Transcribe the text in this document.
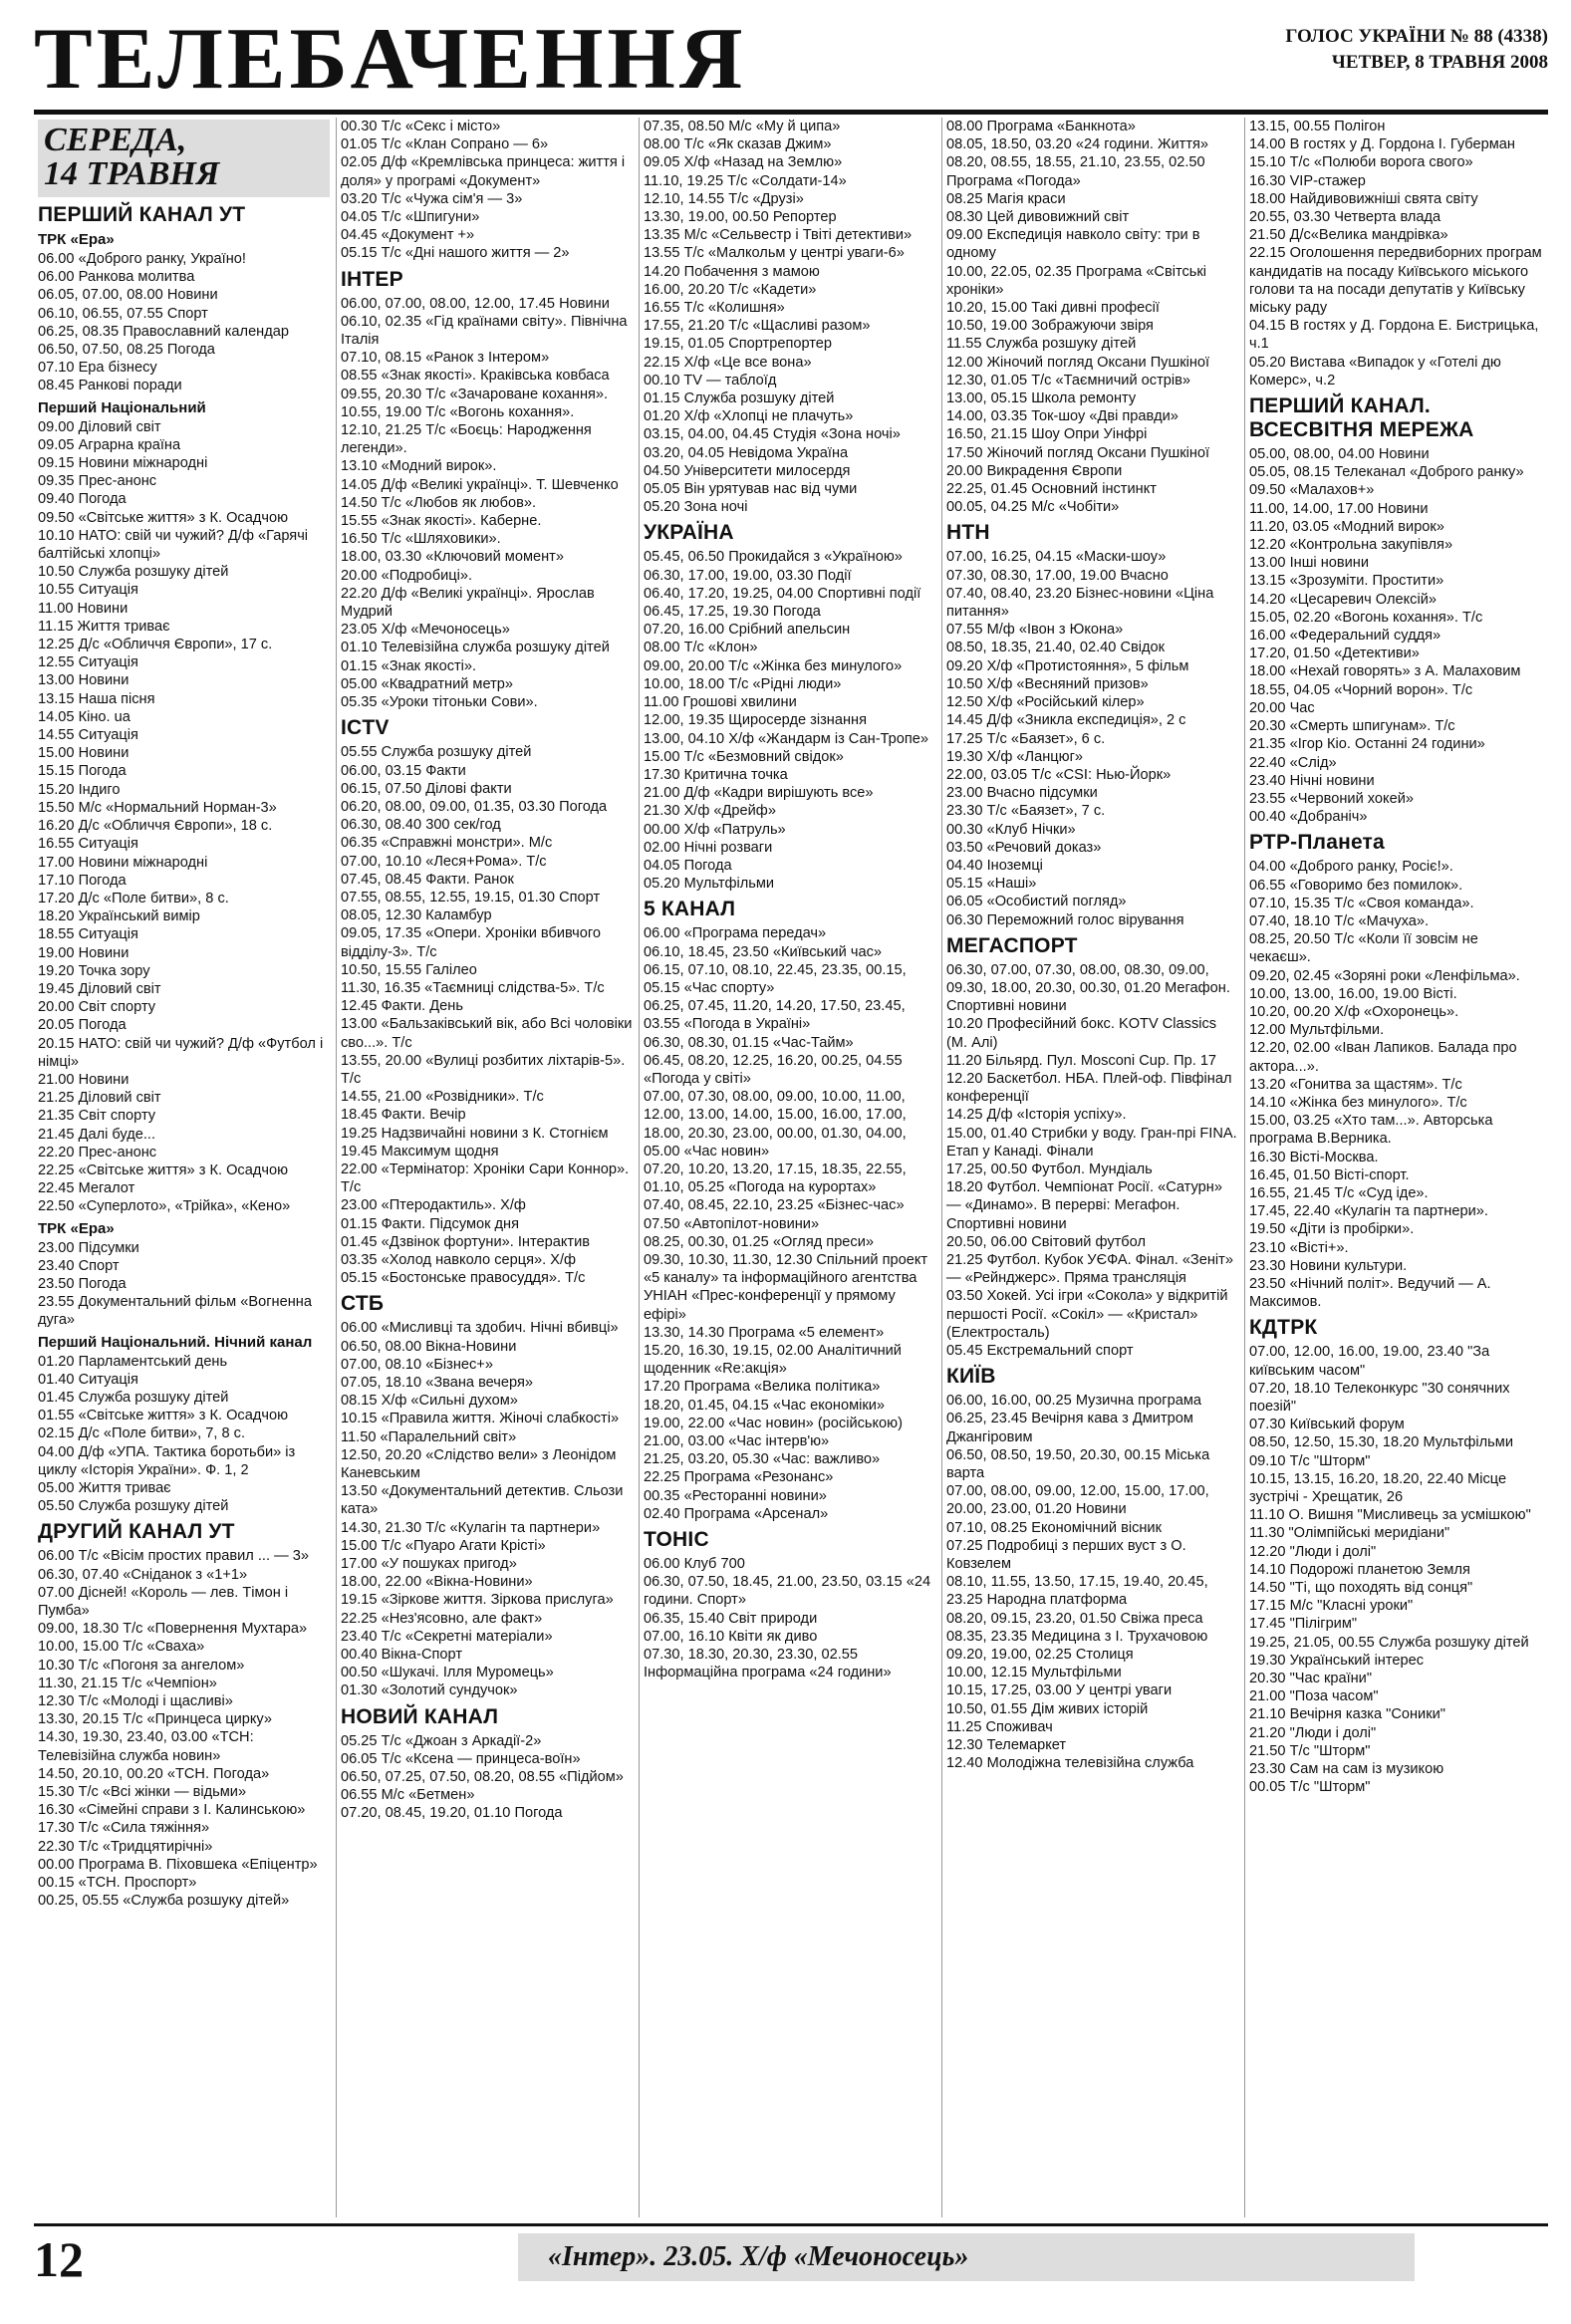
ТЕЛЕБАЧЕННЯ	ГОЛОС УКРАЇНИ № 88 (4338)
ЧЕТВЕР, 8 ТРАВНЯ 2008
СЕРЕДА,
14 ТРАВНЯ
ПЕРШИЙ КАНАЛ УТ
ТРК «Ера»
06.00 «Доброго ранку, Україно!
06.00 Ранкова молитва
06.05, 07.00, 08.00 Новини
06.10, 06.55, 07.55 Спорт
06.25, 08.35 Православний календар
06.50, 07.50, 08.25 Погода
07.10 Ера бізнесу
08.45 Ранкові поради
Перший Національний
09.00 Діловий світ
09.05 Аграрна країна
09.15 Новини міжнародні
09.35 Прес-анонс
09.40 Погода
09.50 «Світське життя» з К. Осадчою
10.10 НАТО: свій чи чужий? Д/ф «Гарячі балтійські хлопці»
10.50 Служба розшуку дітей
10.55 Ситуація
11.00 Новини
11.15 Життя триває
12.25 Д/с «Обличчя Європи», 17 с.
12.55 Ситуація
13.00 Новини
13.15 Наша пісня
14.05 Кіно. ua
14.55 Ситуація
15.00 Новини
15.15 Погода
15.20 Індиго
15.50 М/с «Нормальний Норман-3»
16.20 Д/с «Обличчя Європи», 18 с.
16.55 Ситуація
17.00 Новини міжнародні
17.10 Погода
17.20 Д/с «Поле битви», 8 с.
18.20 Український вимір
18.55 Ситуація
19.00 Новини
19.20 Точка зору
19.45 Діловий світ
20.00 Світ спорту
20.05 Погода
20.15 НАТО: свій чи чужий? Д/ф «Футбол і німці»
21.00 Новини
21.25 Діловий світ
21.35 Світ спорту
21.45 Далі буде...
22.20 Прес-анонс
22.25 «Світське життя» з К. Осадчою
22.45 Мегалот
22.50 «Суперлото», «Трійка», «Кено»
ТРК «Ера»
23.00 Підсумки
23.40 Спорт
23.50 Погода
23.55 Документальний фільм «Вогненна дуга»
Перший Національний. Нічний канал
01.20 Парламентський день
01.40 Ситуація
01.45 Служба розшуку дітей
01.55 «Світське життя» з К. Осадчою
02.15 Д/с «Поле битви», 7, 8 с.
04.00 Д/ф «УПА. Тактика боротьби» із циклу «Історія України». Ф. 1, 2
05.00 Життя триває
05.50 Служба розшуку дітей
ДРУГИЙ КАНАЛ УТ
06.00 Т/с «Вісім простих правил ... — 3»
06.30, 07.40 «Сніданок з «1+1»
07.00 Дісней! «Король — лев. Тімон і Пумба»
09.00, 18.30 Т/с «Повернення Мухтара»
10.00, 15.00 Т/с «Сваха»
10.30 Т/с «Погоня за ангелом»
11.30, 21.15 Т/с «Чемпіон»
12.30 Т/с «Молоді і щасливі»
13.30, 20.15 Т/с «Принцеса цирку»
14.30, 19.30, 23.40, 03.00 «ТСН: Телевізійна служба новин»
14.50, 20.10, 00.20 «ТСН. Погода»
15.30 Т/с «Всі жінки — відьми»
16.30 «Сімейні справи з І. Калинською»
17.30 Т/с «Сила тяжіння»
22.30 Т/с «Тридцятирічні»
00.00 Програма В. Піховшека «Епіцентр»
00.15 «ТСН. Проспорт»
00.25, 05.55 «Служба розшуку дітей»
00.30 Т/с «Секс і місто»
01.05 Т/с «Клан Сопрано — 6»
02.05 Д/ф «Кремлівська принцеса: життя і доля» у програмі «Документ»
03.20 Т/с «Чужа сім'я — 3»
04.05 Т/с «Шпигуни»
04.45 «Документ +»
05.15 Т/с «Дні нашого життя — 2»
ІНТЕР
06.00, 07.00, 08.00, 12.00, 17.45 Новини
06.10, 02.35 «Гід країнами світу». Північна Італія
07.10, 08.15 «Ранок з Інтером»
08.55 «Знак якості». Краківська ковбаса
09.55, 20.30 Т/с «Зачароване кохання».
10.55, 19.00 Т/с «Вогонь кохання».
12.10, 21.25 Т/с «Боєць: Народження легенди».
13.10 «Модний вирок».
14.05 Д/ф «Великі українці». Т. Шевченко
14.50 Т/с «Любов як любов».
15.55 «Знак якості». Каберне.
16.50 Т/с «Шляховики».
18.00, 03.30 «Ключовий момент»
20.00 «Подробиці».
22.20 Д/ф «Великі українці». Ярослав Мудрий
23.05 Х/ф «Мечоносець»
01.10 Телевізійна служба розшуку дітей
01.15 «Знак якості».
05.00 «Квадратний метр»
05.35 «Уроки тітоньки Сови».
ICTV
05.55 Служба розшуку дітей
06.00, 03.15 Факти
06.15, 07.50 Ділові факти
06.20, 08.00, 09.00, 01.35, 03.30 Погода
06.30, 08.40 300 сек/год
06.35 «Справжні монстри». М/с
07.00, 10.10 «Леся+Рома». Т/с
07.45, 08.45 Факти. Ранок
07.55, 08.55, 12.55, 19.15, 01.30 Спорт
08.05, 12.30 Каламбур
09.05, 17.35 «Опери. Хроніки вбивчого відділу-3». Т/с
10.50, 15.55 Галілео
11.30, 16.35 «Таємниці слідства-5». Т/с
12.45 Факти. День
13.00 «Бальзаківський вік, або Всі чоловіки сво...». Т/с
13.55, 20.00 «Вулиці розбитих ліхтарів-5». Т/с
14.55, 21.00 «Розвідники». Т/с
18.45 Факти. Вечір
19.25 Надзвичайні новини з К. Стогнієм
19.45 Максимум щодня
22.00 «Термінатор: Хроніки Сари Коннор». Т/с
23.00 «Птеродактиль». Х/ф
01.15 Факти. Підсумок дня
01.45 «Дзвінок фортуни». Інтерактив
03.35 «Холод навколо серця». Х/ф
05.15 «Бостонське правосуддя». Т/с
СТБ
06.00 «Мисливці та здобич. Нічні вбивці»
06.50, 08.00 Вікна-Новини
07.00, 08.10 «Бізнес+»
07.05, 18.10 «Звана вечеря»
08.15 Х/ф «Сильні духом»
10.15 «Правила життя. Жіночі слабкості»
11.50 «Паралельний світ»
12.50, 20.20 «Слідство вели» з Леонідом Каневським
13.50 «Документальний детектив. Сльози ката»
14.30, 21.30 Т/с «Кулагін та партнери»
15.00 Т/с «Пуаро Агати Крісті»
17.00 «У пошуках пригод»
18.00, 22.00 «Вікна-Новини»
19.15 «Зіркове життя. Зіркова прислуга»
22.25 «Нез'ясовно, але факт»
23.40 Т/с «Секретні матеріали»
00.40 Вікна-Спорт
00.50 «Шукачі. Ілля Муромець»
01.30 «Золотий сундучок»
НОВИЙ КАНАЛ
05.25 Т/с «Джоан з Аркадії-2»
06.05 Т/с «Ксена — принцеса-воїн»
06.50, 07.25, 07.50, 08.20, 08.55 «Підйом»
06.55 М/с «Бетмен»
07.20, 08.45, 19.20, 01.10 Погода
07.35, 08.50 М/с «Му й ципа»
08.00 Т/с «Як сказав Джим»
09.05 Х/ф «Назад на Землю»
11.10, 19.25 Т/с «Солдати-14»
12.10, 14.55 Т/с «Друзі»
13.30, 19.00, 00.50 Репортер
13.35 М/с «Сельвестр і Твіті детективи»
13.55 Т/с «Малкольм у центрі уваги-6»
14.20 Побачення з мамою
16.00, 20.20 Т/с «Кадети»
16.55 Т/с «Колишня»
17.55, 21.20 Т/с «Щасливі разом»
19.15, 01.05 Спортрепортер
22.15 Х/ф «Це все вона»
00.10 TV — таблоїд
01.15 Служба розшуку дітей
01.20 Х/ф «Хлопці не плачуть»
03.15, 04.00, 04.45 Студія «Зона ночі»
03.20, 04.05 Невідома Україна
04.50 Університети милосердя
05.05 Він урятував нас від чуми
05.20 Зона ночі
УКРАЇНА
05.45, 06.50 Прокидайся з «Україною»
06.30, 17.00, 19.00, 03.30 Події
06.40, 17.20, 19.25, 04.00 Спортивні події
06.45, 17.25, 19.30 Погода
07.20, 16.00 Срібний апельсин
08.00 Т/с «Клон»
09.00, 20.00 Т/с «Жінка без минулого»
10.00, 18.00 Т/с «Рідні люди»
11.00 Грошові хвилини
12.00, 19.35 Щиросерде зізнання
13.00, 04.10 Х/ф «Жандарм із Сан-Тропе»
15.00 Т/с «Безмовний свідок»
17.30 Критична точка
21.00 Д/ф «Кадри вирішують все»
21.30 Х/ф «Дрейф»
00.00 Х/ф «Патруль»
02.00 Нічні розваги
04.05 Погода
05.20 Мультфільми
5 КАНАЛ
06.00 «Програма передач»
06.10, 18.45, 23.50 «Київський час»
06.15, 07.10, 08.10, 22.45, 23.35, 00.15, 05.15 «Час спорту»
06.25, 07.45, 11.20, 14.20, 17.50, 23.45, 03.55 «Погода в Україні»
06.30, 08.30, 01.15 «Час-Тайм»
06.45, 08.20, 12.25, 16.20, 00.25, 04.55 «Погода у світі»
07.00, 07.30, 08.00, 09.00, 10.00, 11.00, 12.00, 13.00, 14.00, 15.00, 16.00, 17.00, 18.00, 20.30, 23.00, 00.00, 01.30, 04.00, 05.00 «Час новин»
07.20, 10.20, 13.20, 17.15, 18.35, 22.55, 01.10, 05.25 «Погода на курортах»
07.40, 08.45, 22.10, 23.25 «Бізнес-час»
07.50 «Автопілот-новини»
08.25, 00.30, 01.25 «Огляд преси»
09.30, 10.30, 11.30, 12.30 Спільний проект «5 каналу» та інформаційного агентства УНІАН «Прес-конференції у прямому ефірі»
13.30, 14.30 Програма «5 елемент»
15.20, 16.30, 19.15, 02.00 Аналітичний щоденник «Re:акція»
17.20 Програма «Велика політика»
18.20, 01.45, 04.15 «Час економіки»
19.00, 22.00 «Час новин» (російською)
21.00, 03.00 «Час інтерв'ю»
21.25, 03.20, 05.30 «Час: важливо»
22.25 Програма «Резонанс»
00.35 «Ресторанні новини»
02.40 Програма «Арсенал»
ТОНІС
06.00 Клуб 700
06.30, 07.50, 18.45, 21.00, 23.50, 03.15 «24 години. Спорт»
06.35, 15.40 Світ природи
07.00, 16.10 Квіти як диво
07.30, 18.30, 20.30, 23.30, 02.55 Інформаційна програма «24 години»
08.00 Програма «Банкнота»
08.05, 18.50, 03.20 «24 години. Життя»
08.20, 08.55, 18.55, 21.10, 23.55, 02.50 Програма «Погода»
08.25 Магія краси
08.30 Цей дивовижний світ
09.00 Експедиція навколо світу: три в одному
10.00, 22.05, 02.35 Програма «Світські хроніки»
10.20, 15.00 Такі дивні професії
10.50, 19.00 Зображуючи звіря
11.55 Служба розшуку дітей
12.00 Жіночий погляд Оксани Пушкіної
12.30, 01.05 Т/с «Таємничий острів»
13.00, 05.15 Школа ремонту
14.00, 03.35 Ток-шоу «Дві правди»
16.50, 21.15 Шоу Опри Уінфрі
17.50 Жіночий погляд Оксани Пушкіної
20.00 Викрадення Європи
22.25, 01.45 Основний інстинкт
00.05, 04.25 М/с «Чобіти»
НТН
07.00, 16.25, 04.15 «Маски-шоу»
07.30, 08.30, 17.00, 19.00 Вчасно
07.40, 08.40, 23.20 Бізнес-новини «Ціна питання»
07.55 М/ф «Івон з Юкона»
08.50, 18.35, 21.40, 02.40 Свідок
09.20 Х/ф «Протистояння», 5 фільм
10.50 Х/ф «Весняний призов»
12.50 Х/ф «Російський кілер»
14.45 Д/ф «Зникла експедиція», 2 с
17.25 Т/с «Баязет», 6 с.
19.30 Х/ф «Ланцюг»
22.00, 03.05 Т/с «CSI: Нью-Йорк»
23.00 Вчасно підсумки
23.30 Т/с «Баязет», 7 с.
00.30 «Клуб Нічки»
03.50 «Речовий доказ»
04.40 Іноземці
05.15 «Наші»
06.05 «Особистий погляд»
06.30 Переможний голос вірування
МЕГАСПОРТ
06.30, 07.00, 07.30, 08.00, 08.30, 09.00, 09.30, 18.00, 20.30, 00.30, 01.20 Мегафон. Спортивні новини
10.20 Професійний бокс. KOTV Classics (М. Алі)
11.20 Більярд. Пул. Mosconi Cup. Пр. 17
12.20 Баскетбол. НБА. Плей-оф. Півфінал конференції
14.25 Д/ф «Історія успіху».
15.00, 01.40 Стрибки у воду. Гран-прі FINA. Етап у Канаді. Фінали
17.25, 00.50 Футбол. Мундіаль
18.20 Футбол. Чемпіонат Росії. «Сатурн» — «Динамо». В перерві: Мегафон. Спортивні новини
20.50, 06.00 Світовий футбол
21.25 Футбол. Кубок УЄФА. Фінал. «Зеніт» — «Рейнджерс». Пряма трансляція
03.50 Хокей. Усі ігри «Сокола» у відкритій першості Росії. «Сокіл» — «Кристал» (Електросталь)
05.45 Екстремальний спорт
КИЇВ
06.00, 16.00, 00.25 Музична програма
06.25, 23.45 Вечірня кава з Дмитром Джангіровим
06.50, 08.50, 19.50, 20.30, 00.15 Міська варта
07.00, 08.00, 09.00, 12.00, 15.00, 17.00, 20.00, 23.00, 01.20 Новини
07.10, 08.25 Економічний вісник
07.25 Подробиці з перших вуст з О. Ковзелем
08.10, 11.55, 13.50, 17.15, 19.40, 20.45, 23.25 Народна платформа
08.20, 09.15, 23.20, 01.50 Свіжа преса
08.35, 23.35 Медицина з І. Трухачовою
09.20, 19.00, 02.25 Столиця
10.00, 12.15 Мультфільми
10.15, 17.25, 03.00 У центрі уваги
10.50, 01.55 Дім живих історій
11.25 Споживач
12.30 Телемаркет
12.40 Молодіжна телевізійна служба
13.15, 00.55 Полігон
14.00 В гостях у Д. Гордона І. Губерман
15.10 Т/с «Полюби ворога свого»
16.30 VIP-стажер
18.00 Найдивовижніші свята світу
20.55, 03.30 Четверта влада
21.50 Д/с«Велика мандрівка»
22.15 Оголошення передвиборних програм кандидатів на посаду Київського міського голови та на посади депутатів у Київську міську раду
04.15 В гостях у Д. Гордона Е. Бистрицька, ч.1
05.20 Вистава «Випадок у «Готелі дю Комерс», ч.2
ПЕРШИЙ КАНАЛ. ВСЕСВІТНЯ МЕРЕЖА
05.00, 08.00, 04.00 Новини
05.05, 08.15 Телеканал «Доброго ранку»
09.50 «Малахов+»
11.00, 14.00, 17.00 Новини
11.20, 03.05 «Модний вирок»
12.20 «Контрольна закупівля»
13.00 Інші новини
13.15 «Зрозуміти. Простити»
14.20 «Цесаревич Олексій»
15.05, 02.20 «Вогонь кохання». Т/с
16.00 «Федеральний суддя»
17.20, 01.50 «Детективи»
18.00 «Нехай говорять» з А. Малаховим
18.55, 04.05 «Чорний ворон». Т/с
20.00 Час
20.30 «Смерть шпигунам». Т/с
21.35 «Ігор Кіо. Останні 24 години»
22.40 «Слід»
23.40 Нічні новини
23.55 «Червоний хокей»
00.40 «Добраніч»
РТР-Планета
04.00 «Доброго ранку, Росіє!».
06.55 «Говоримо без помилок».
07.10, 15.35 Т/с «Своя команда».
07.40, 18.10 Т/с «Мачуха».
08.25, 20.50 Т/с «Коли її зовсім не чекаєш».
09.20, 02.45 «Зоряні роки «Ленфільма».
10.00, 13.00, 16.00, 19.00 Вісті.
10.20, 00.20 Х/ф «Охоронець».
12.00 Мультфільми.
12.20, 02.00 «Іван Лапиков. Балада про актора...».
13.20 «Гонитва за щастям». Т/с
14.10 «Жінка без минулого». Т/с
15.00, 03.25 «Хто там...». Авторська програма В.Верника.
16.30 Вісті-Москва.
16.45, 01.50 Вісті-спорт.
16.55, 21.45 Т/с «Суд іде».
17.45, 22.40 «Кулагін та партнери».
19.50 «Діти із пробірки».
23.10 «Вісті+».
23.30 Новини культури.
23.50 «Нічний політ». Ведучий — А. Максимов.
КДТРК
07.00, 12.00, 16.00, 19.00, 23.40 "За київським часом"
07.20, 18.10 Телеконкурс "30 сонячних поезій"
07.30 Київський форум
08.50, 12.50, 15.30, 18.20 Мультфільми
09.10 Т/с "Шторм"
10.15, 13.15, 16.20, 18.20, 22.40 Місце зустрічі - Хрещатик, 26
11.10 О. Вишня "Мисливець за усмішкою"
11.30 "Олімпійські меридіани"
12.20 "Люди і долі"
14.10 Подорожі планетою Земля
14.50 "Ті, що походять від сонця"
17.15 М/с "Класні уроки"
17.45 "Пілігрим"
19.25, 21.05, 00.55 Служба розшуку дітей
19.30 Український інтерес
20.30 "Час країни"
21.00 "Поза часом"
21.10 Вечірня казка "Соники"
21.20 "Люди і долі"
21.50 Т/с "Шторм"
23.30 Сам на сам із музикою
00.05 Т/с "Шторм"
12	«Інтер». 23.05. Х/ф «Мечоносець»
